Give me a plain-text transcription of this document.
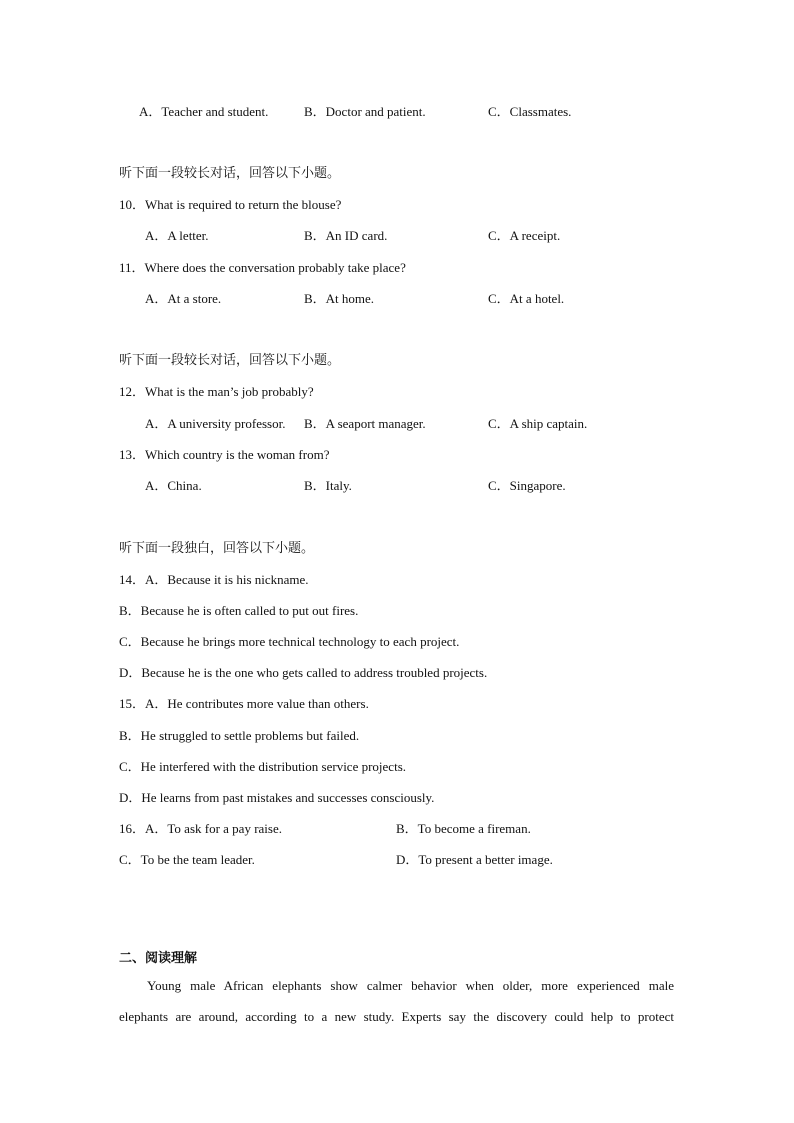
A．Teacher and student.	B．Doctor and patient.	C．Classmates.
听下面一段较长对话，回答以下小题。
10．What is required to return the blouse?
A．A letter.	B．An ID card.	C．A receipt.
11．Where does the conversation probably take place?
A．At a store.	B．At home.	C．At a hotel.
听下面一段较长对话，回答以下小题。
12．What is the man’s job probably?
A．A university professor. B．A seaport manager.	C．A ship captain.
13．Which country is the woman from?
A．China.	B．Italy.	C．Singapore.
听下面一段独白，回答以下小题。
14．A．Because it is his nickname.
B．Because he is often called to put out fires.
C．Because he brings more technical technology to each project.
D．Because he is the one who gets called to address troubled projects.
15．A．He contributes more value than others.
B．He struggled to settle problems but failed.
C．He interfered with the distribution service projects.
D．He learns from past mistakes and successes consciously.
16．A．To ask for a pay raise.	B．To become a fireman.
C．To be the team leader.	D．To present a better image.
二、阅读理解
Young male African elephants show calmer behavior when older, more experienced male
elephants are around, according to a new study. Experts say the discovery could help to protect
